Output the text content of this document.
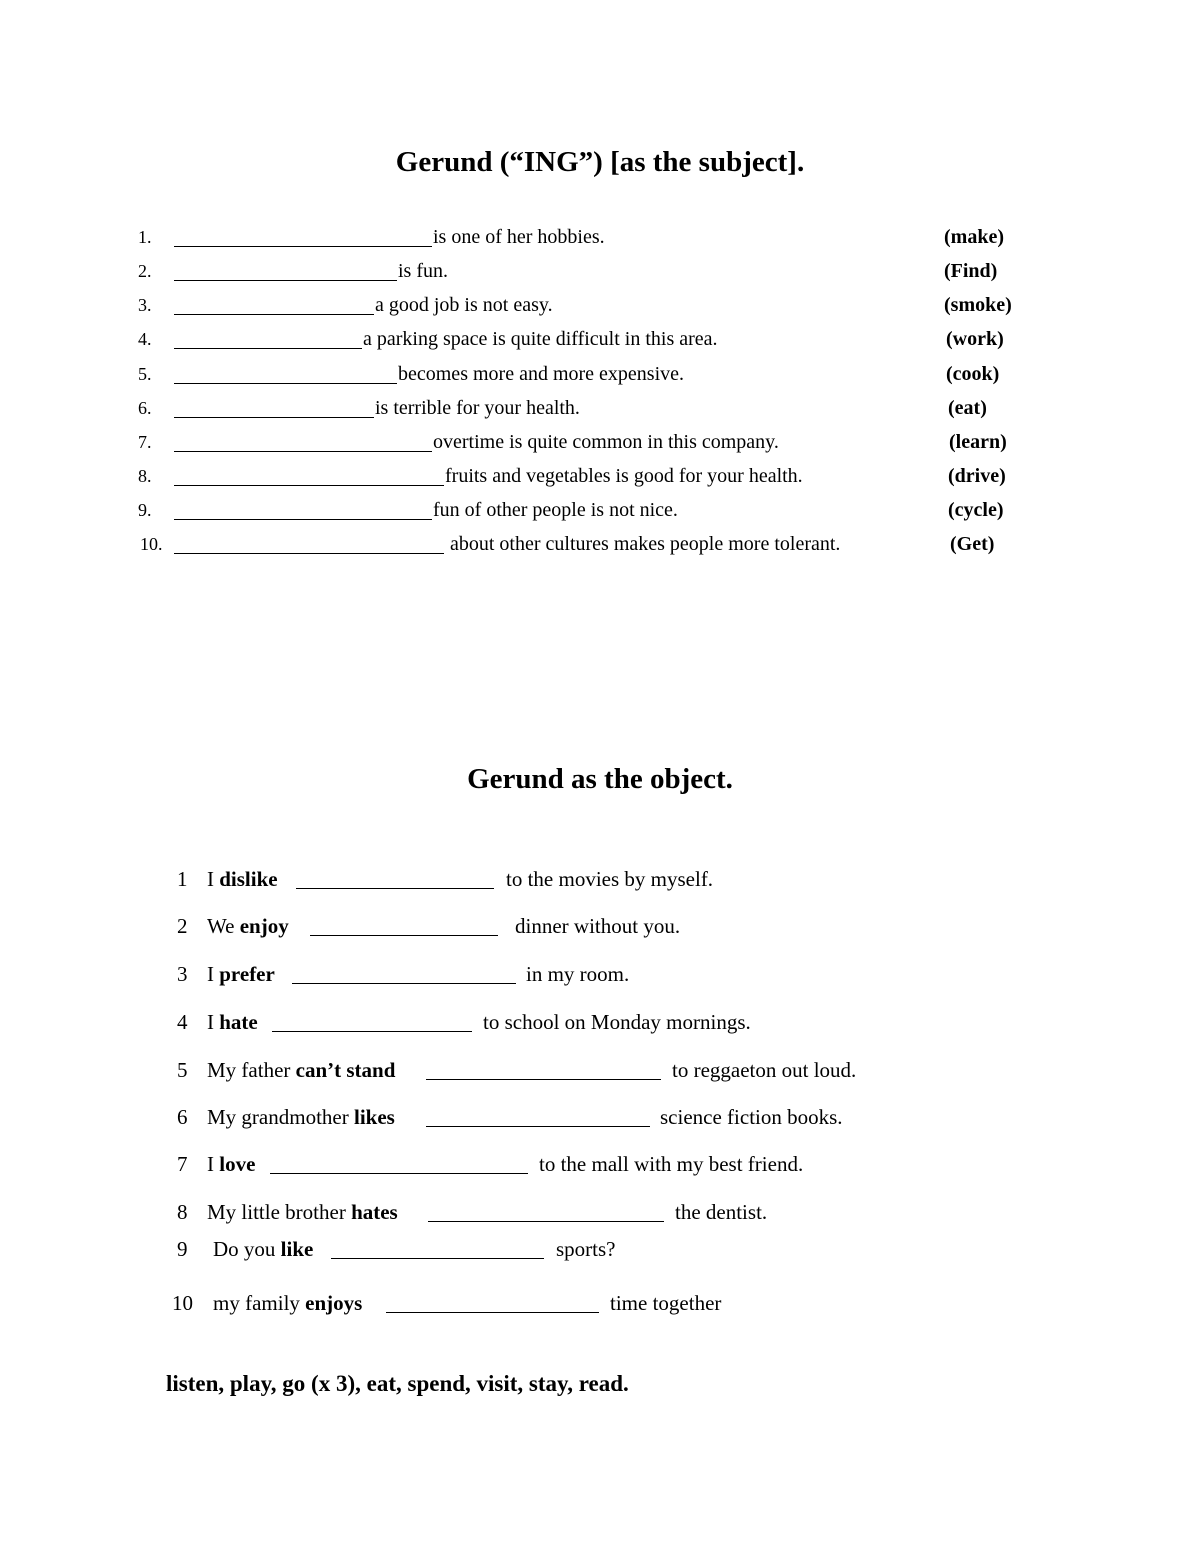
Gerund (“ING”) [as the subject].
1.	is one of her hobbies.	(make)
2.	is fun.	(Find)
3.	a good job is not easy.	(smoke)
4.	a parking space is quite difficult in this area.	(work)
5.	becomes more and more expensive.	(cook)
6.	is terrible for your health.	(eat)
7.	overtime is quite common in this company.	(learn)
8.	fruits and vegetables is good for your health.	(drive)
9.	fun of other people is not nice.	(cycle)
10.	about other cultures makes people more tolerant.	(Get)
Gerund as the object.
1 I dislike	to the movies by myself.
2 We enjoy	dinner without you.
3 I prefer	in my room.
4 I hate	to school on Monday mornings.
5 My father can’t stand	to reggaeton out loud.
6 My grandmother likes	science fiction books.
7 I love	to the mall with my best friend.
8 My little brother hates	the dentist.
9 Do you like	sports?
10 my family enjoys	time together
listen, play, go (x 3), eat, spend, visit, stay, read.
